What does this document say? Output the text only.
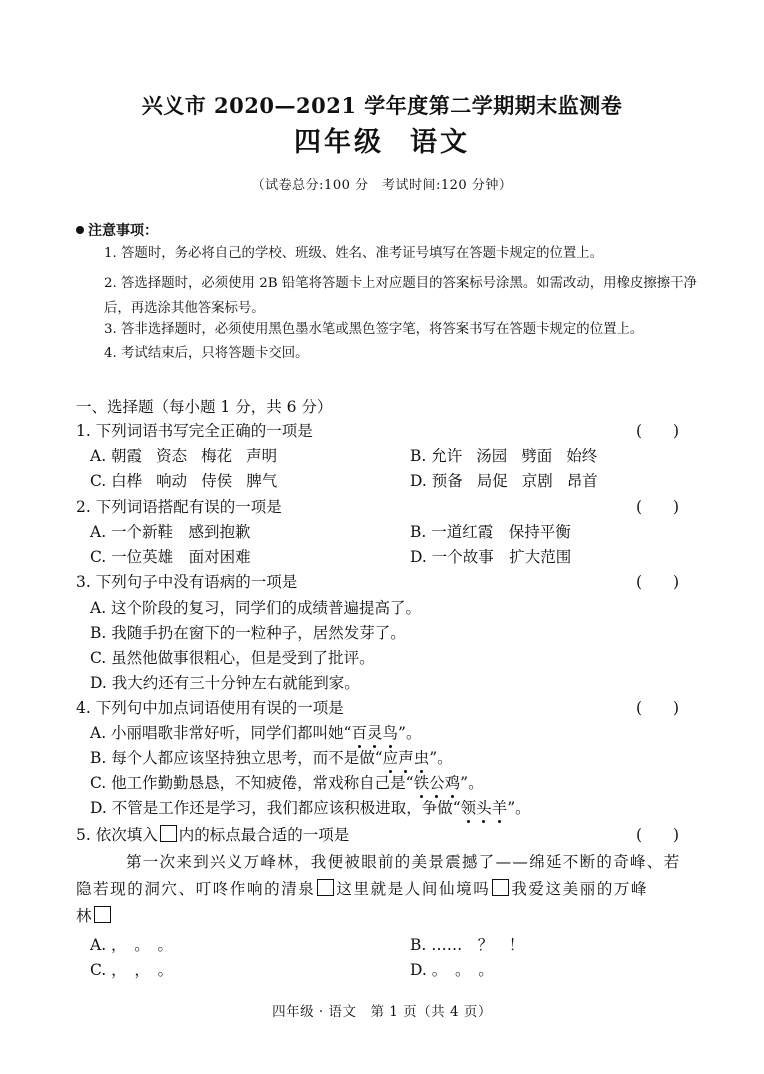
兴义市 2020—2021 学年度第二学期期末监测卷
四年级 语文
（试卷总分:100 分　考试时间:120 分钟）
注意事项：
1. 答题时，务必将自己的学校、班级、姓名、准考证号填写在答题卡规定的位置上。
2. 答选择题时，必须使用 2B 铅笔将答题卡上对应题目的答案标号涂黑。如需改动，用橡皮擦擦干净后，再选涂其他答案标号。
3. 答非选择题时，必须使用黑色墨水笔或黑色签字笔，将答案书写在答题卡规定的位置上。
4. 考试结束后，只将答题卡交回。
一、选择题（每小题 1 分，共 6 分）
1. 下列词语书写完全正确的一项是	(　　)
A. 朝霞 资态 梅花 声明	B. 允许 汤园 劈面 始终
C. 白桦 响动 侍侯 脾气	D. 预备 局促 京剧 昂首
2. 下列词语搭配有误的一项是	(　　)
A. 一个新鞋　感到抱歉	B. 一道红霞　保持平衡
C. 一位英雄　面对困难	D. 一个故事　扩大范围
3. 下列句子中没有语病的一项是	(　　)
A. 这个阶段的复习，同学们的成绩普遍提高了。
B. 我随手扔在窗下的一粒种子，居然发芽了。
C. 虽然他做事很粗心，但是受到了批评。
D. 我大约还有三十分钟左右就能到家。
4. 下列句中加点词语使用有误的一项是	(　　)
A. 小丽唱歌非常好听，同学们都叫她“百灵鸟”。
B. 每个人都应该坚持独立思考，而不是做“应声虫”。
C. 他工作勤勤恳恳，不知疲倦，常戏称自己是“铁公鸡”。
D. 不管是工作还是学习，我们都应该积极进取，争做“领头羊”。
5. 依次填入 内的标点最合适的一项是	(　　)
第一次来到兴义万峰林，我便被眼前的美景震撼了——绵延不断的奇峰、若
隐若现的洞穴、叮咚作响的清泉 这里就是人间仙境吗 我爱这美丽的万峰
林
A. ，　。　。	B. ……　？　！
C. ，　，　。	D. 。　。　。
四年级 · 语文　第 1 页（共 4 页）
